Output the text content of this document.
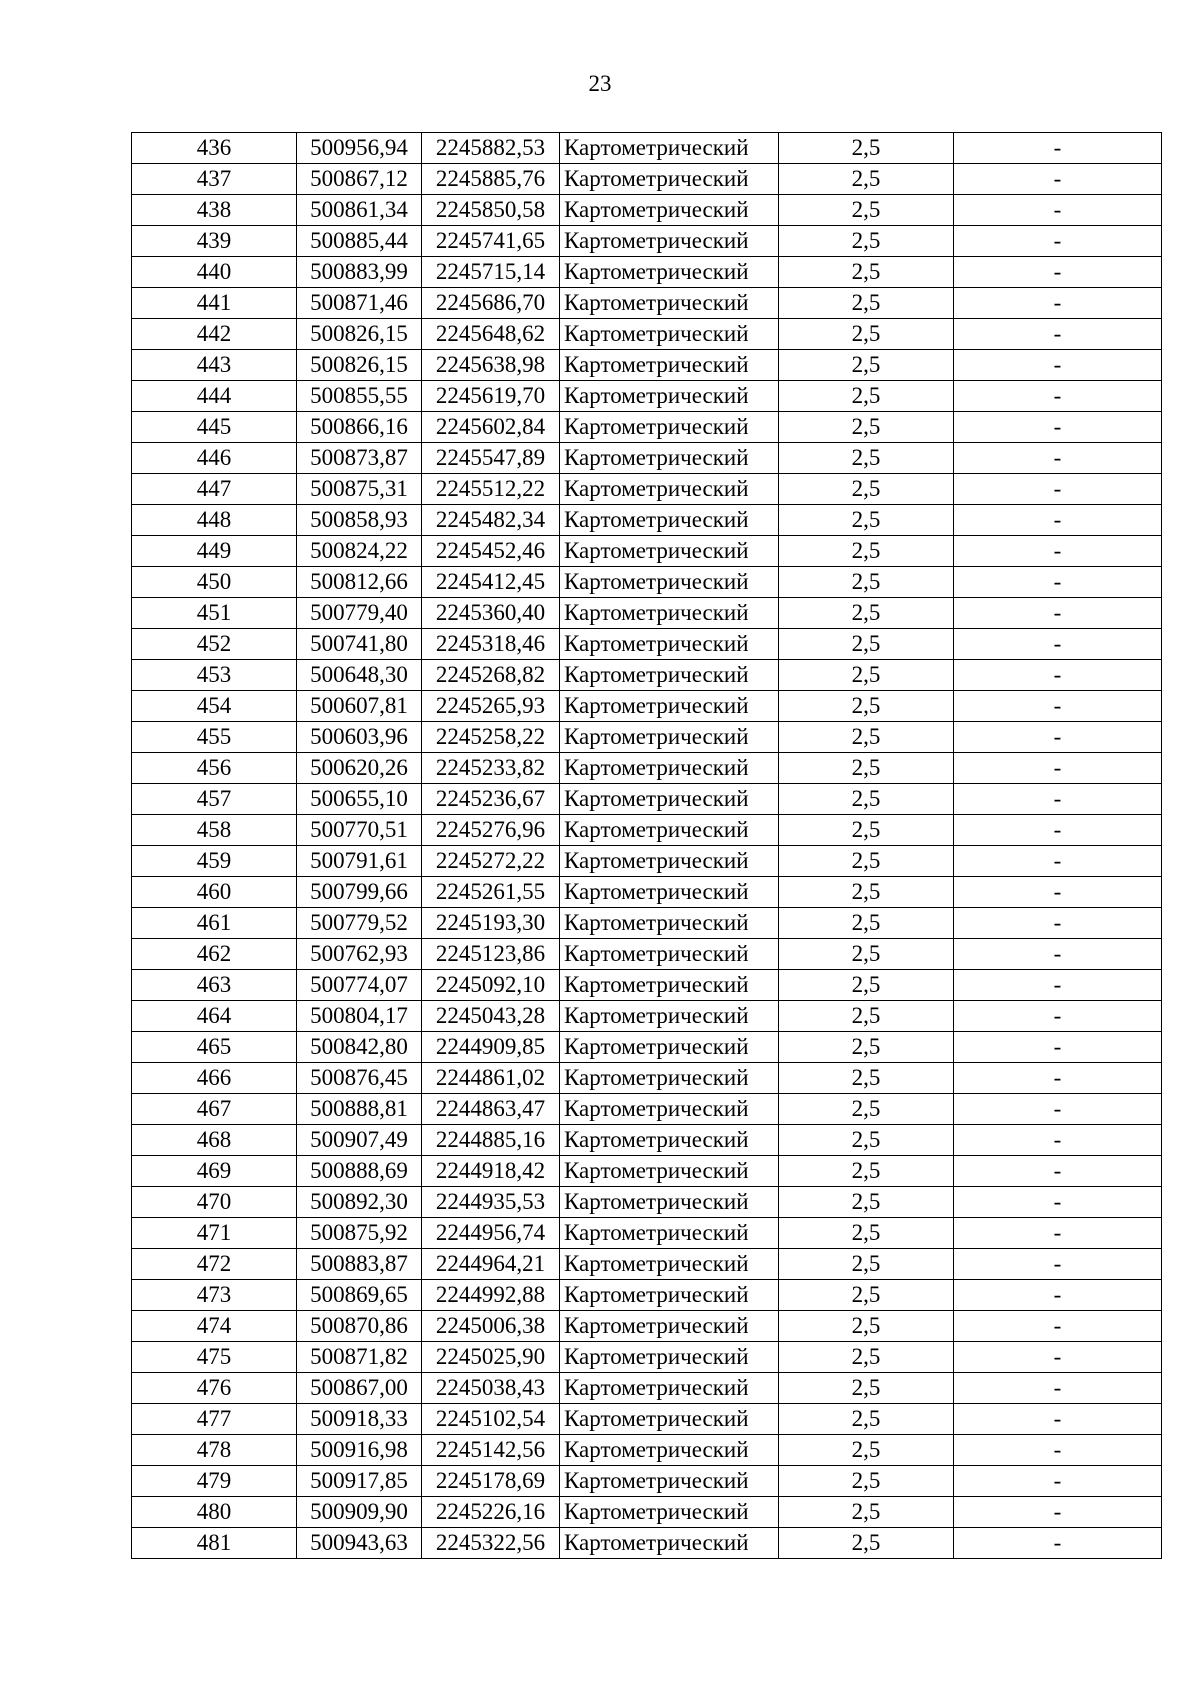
23
436	500956,94	2245882,53	Картометрический	2,5	-
437	500867,12	2245885,76	Картометрический	2,5	-
438	500861,34	2245850,58	Картометрический	2,5	-
439	500885,44	2245741,65	Картометрический	2,5	-
440	500883,99	2245715,14	Картометрический	2,5	-
441	500871,46	2245686,70	Картометрический	2,5	-
442	500826,15	2245648,62	Картометрический	2,5	-
443	500826,15	2245638,98	Картометрический	2,5	-
444	500855,55	2245619,70	Картометрический	2,5	-
445	500866,16	2245602,84	Картометрический	2,5	-
446	500873,87	2245547,89	Картометрический	2,5	-
447	500875,31	2245512,22	Картометрический	2,5	-
448	500858,93	2245482,34	Картометрический	2,5	-
449	500824,22	2245452,46	Картометрический	2,5	-
450	500812,66	2245412,45	Картометрический	2,5	-
451	500779,40	2245360,40	Картометрический	2,5	-
452	500741,80	2245318,46	Картометрический	2,5	-
453	500648,30	2245268,82	Картометрический	2,5	-
454	500607,81	2245265,93	Картометрический	2,5	-
455	500603,96	2245258,22	Картометрический	2,5	-
456	500620,26	2245233,82	Картометрический	2,5	-
457	500655,10	2245236,67	Картометрический	2,5	-
458	500770,51	2245276,96	Картометрический	2,5	-
459	500791,61	2245272,22	Картометрический	2,5	-
460	500799,66	2245261,55	Картометрический	2,5	-
461	500779,52	2245193,30	Картометрический	2,5	-
462	500762,93	2245123,86	Картометрический	2,5	-
463	500774,07	2245092,10	Картометрический	2,5	-
464	500804,17	2245043,28	Картометрический	2,5	-
465	500842,80	2244909,85	Картометрический	2,5	-
466	500876,45	2244861,02	Картометрический	2,5	-
467	500888,81	2244863,47	Картометрический	2,5	-
468	500907,49	2244885,16	Картометрический	2,5	-
469	500888,69	2244918,42	Картометрический	2,5	-
470	500892,30	2244935,53	Картометрический	2,5	-
471	500875,92	2244956,74	Картометрический	2,5	-
472	500883,87	2244964,21	Картометрический	2,5	-
473	500869,65	2244992,88	Картометрический	2,5	-
474	500870,86	2245006,38	Картометрический	2,5	-
475	500871,82	2245025,90	Картометрический	2,5	-
476	500867,00	2245038,43	Картометрический	2,5	-
477	500918,33	2245102,54	Картометрический	2,5	-
478	500916,98	2245142,56	Картометрический	2,5	-
479	500917,85	2245178,69	Картометрический	2,5	-
480	500909,90	2245226,16	Картометрический	2,5	-
481	500943,63	2245322,56	Картометрический	2,5	-
